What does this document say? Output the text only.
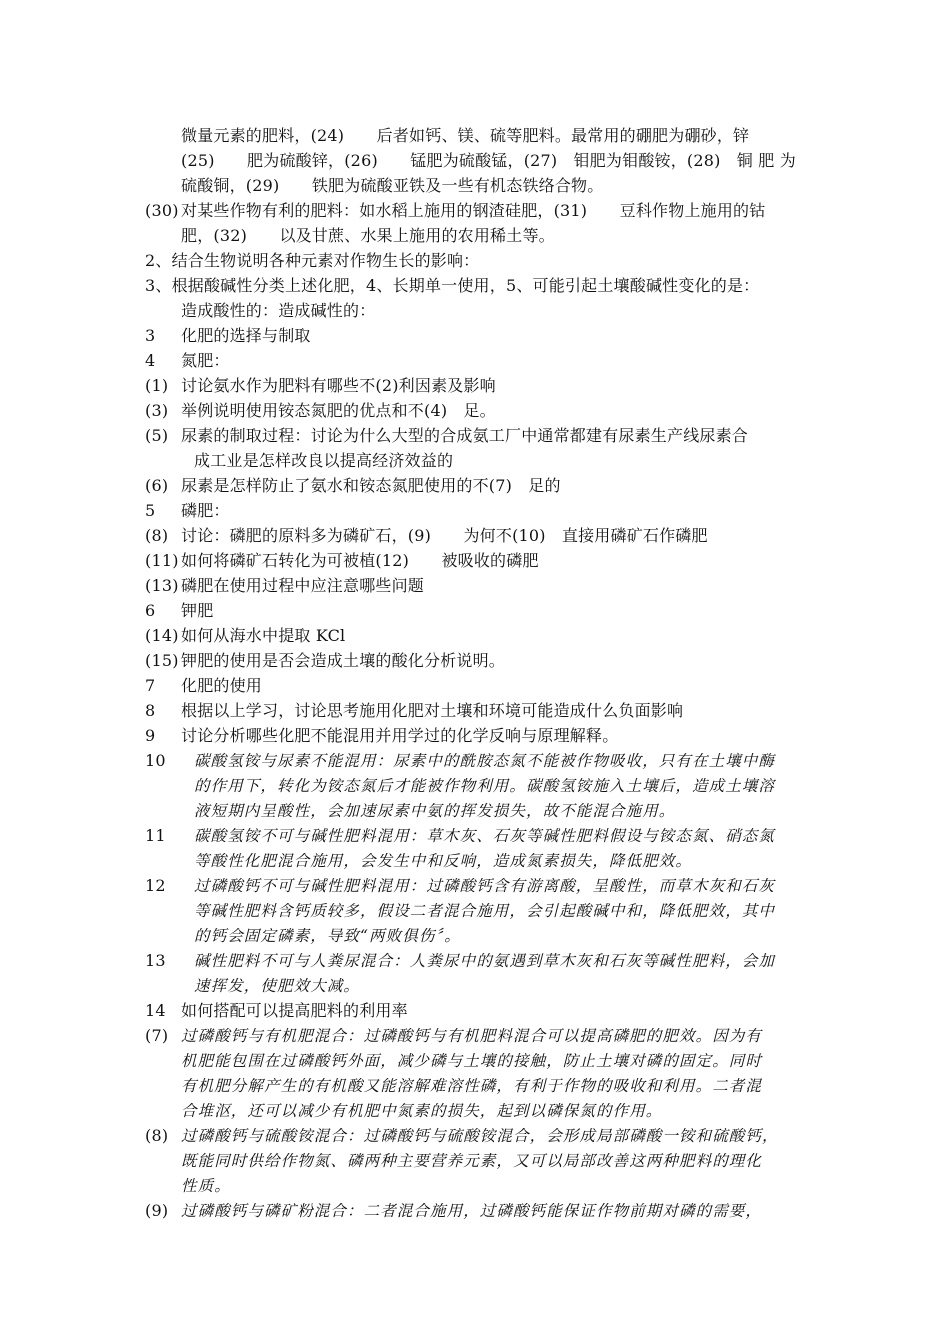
微量元素的肥料，(24)　　后者如钙、镁、硫等肥料。最常用的硼肥为硼砂，锌
(25)　　肥为硫酸锌，(26)　　锰肥为硫酸锰，(27)　钼肥为钼酸铵，(28)　铜 肥 为
硫酸铜，(29)　　铁肥为硫酸亚铁及一些有机态铁络合物。
(30) 对某些作物有利的肥料：如水稻上施用的钢渣硅肥，(31)　　豆科作物上施用的钴
肥，(32)　　以及甘蔗、水果上施用的农用稀土等。
2、结合生物说明各种元素对作物生长的影响：
3、根据酸碱性分类上述化肥，4、长期单一使用，5、可能引起土壤酸碱性变化的是：
造成酸性的：造成碱性的：
3 化肥的选择与制取
4 氮肥：
(1) 讨论氨水作为肥料有哪些不(2)利因素及影响
(3) 举例说明使用铵态氮肥的优点和不(4)　足。
(5) 尿素的制取过程：讨论为什么大型的合成氨工厂中通常都建有尿素生产线尿素合
成工业是怎样改良以提高经济效益的
(6) 尿素是怎样防止了氨水和铵态氮肥使用的不(7)　足的
5 磷肥：
(8) 讨论：磷肥的原料多为磷矿石，(9)　　为何不(10)　直接用磷矿石作磷肥
(11) 如何将磷矿石转化为可被植(12)　　被吸收的磷肥
(13) 磷肥在使用过程中应注意哪些问题
6 钾肥
(14) 如何从海水中提取 KCl
(15) 钾肥的使用是否会造成土壤的酸化分析说明。
7 化肥的使用
8 根据以上学习，讨论思考施用化肥对土壤和环境可能造成什么负面影响
9 讨论分析哪些化肥不能混用并用学过的化学反响与原理解释。
10 碳酸氢铵与尿素不能混用：尿素中的酰胺态氮不能被作物吸收，只有在土壤中酶
的作用下，转化为铵态氮后才能被作物利用。碳酸氢铵施入土壤后，造成土壤溶
液短期内呈酸性，会加速尿素中氨的挥发损失，故不能混合施用。
11 碳酸氢铵不可与碱性肥料混用：草木灰、石灰等碱性肥料假设与铵态氮、硝态氮
等酸性化肥混合施用，会发生中和反响，造成氮素损失，降低肥效。
12 过磷酸钙不可与碱性肥料混用：过磷酸钙含有游离酸，呈酸性，而草木灰和石灰
等碱性肥料含钙质较多，假设二者混合施用，会引起酸碱中和，降低肥效，其中
的钙会固定磷素，导致“两败俱伤〞。
13 碱性肥料不可与人粪尿混合：人粪尿中的氨遇到草木灰和石灰等碱性肥料，会加
速挥发，使肥效大减。
14 如何搭配可以提高肥料的利用率
(7) 过磷酸钙与有机肥混合：过磷酸钙与有机肥料混合可以提高磷肥的肥效。因为有
机肥能包围在过磷酸钙外面，减少磷与土壤的接触，防止土壤对磷的固定。同时
有机肥分解产生的有机酸又能溶解难溶性磷，有利于作物的吸收和利用。二者混
合堆沤，还可以减少有机肥中氮素的损失，起到以磷保氮的作用。
(8) 过磷酸钙与硫酸铵混合：过磷酸钙与硫酸铵混合，会形成局部磷酸一铵和硫酸钙，
既能同时供给作物氮、磷两种主要营养元素，又可以局部改善这两种肥料的理化
性质。
(9) 过磷酸钙与磷矿粉混合：二者混合施用，过磷酸钙能保证作物前期对磷的需要，
